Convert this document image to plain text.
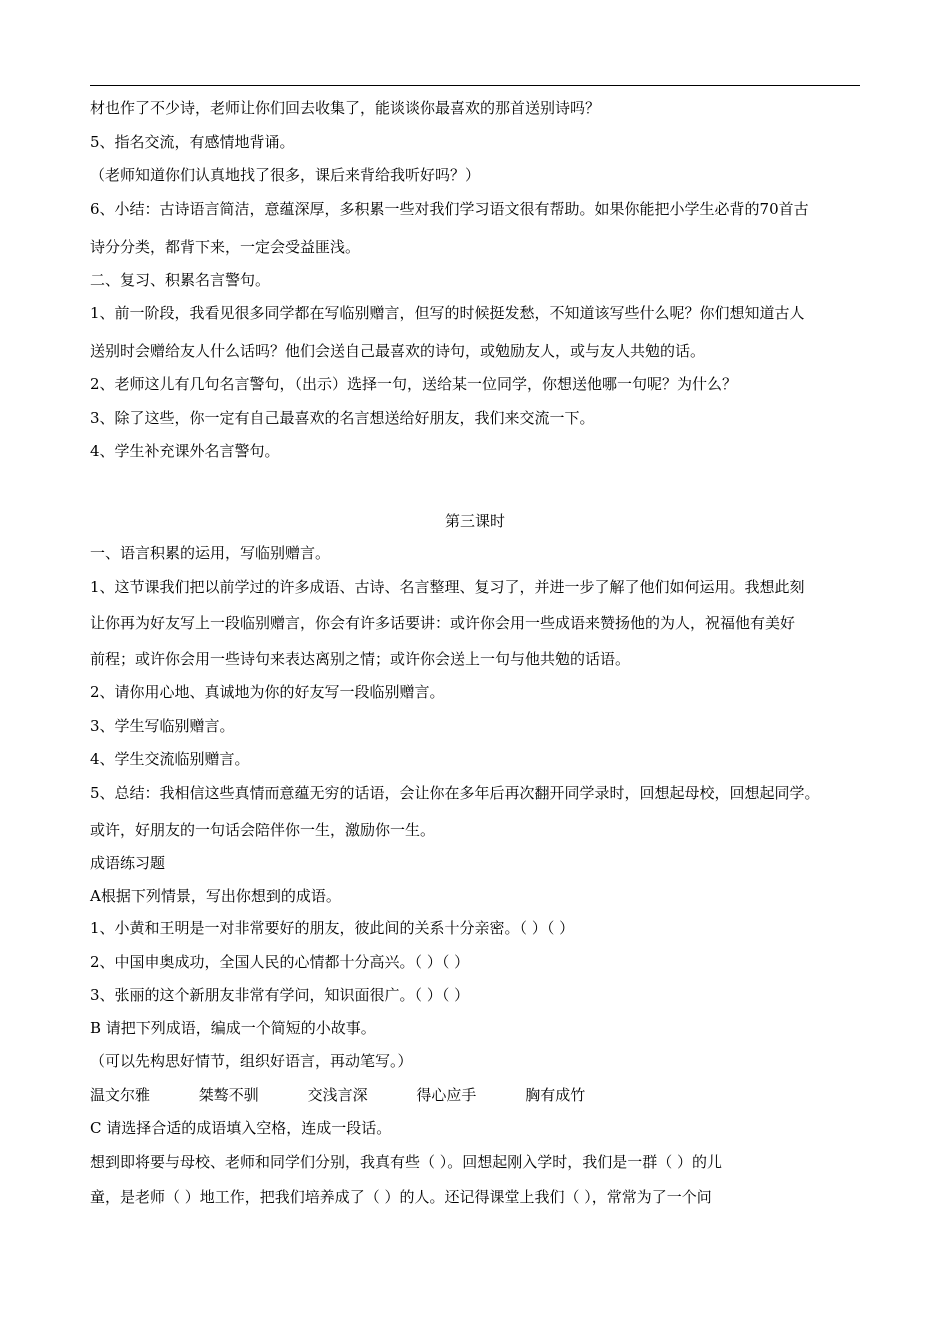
材也作了不少诗，老师让你们回去收集了，能谈谈你最喜欢的那首送别诗吗？
5、指名交流，有感情地背诵。
（老师知道你们认真地找了很多，课后来背给我听好吗？）
6、小结：古诗语言简洁，意蕴深厚，多积累一些对我们学习语文很有帮助。如果你能把小学生必背的70首古
诗分分类，都背下来，一定会受益匪浅。
二、复习、积累名言警句。
1、前一阶段，我看见很多同学都在写临别赠言，但写的时候挺发愁，不知道该写些什么呢？你们想知道古人
送别时会赠给友人什么话吗？他们会送自己最喜欢的诗句，或勉励友人，或与友人共勉的话。
2、老师这儿有几句名言警句，（出示）选择一句，送给某一位同学，你想送他哪一句呢？为什么？
3、除了这些，你一定有自己最喜欢的名言想送给好朋友，我们来交流一下。
4、学生补充课外名言警句。
第三课时
一、语言积累的运用，写临别赠言。
1、这节课我们把以前学过的许多成语、古诗、名言整理、复习了，并进一步了解了他们如何运用。我想此刻
让你再为好友写上一段临别赠言，你会有许多话要讲：或许你会用一些成语来赞扬他的为人，祝福他有美好
前程；或许你会用一些诗句来表达离别之情；或许你会送上一句与他共勉的话语。
2、请你用心地、真诚地为你的好友写一段临别赠言。
3、学生写临别赠言。
4、学生交流临别赠言。
5、总结：我相信这些真情而意蕴无穷的话语，会让你在多年后再次翻开同学录时，回想起母校，回想起同学。
或许，好朋友的一句话会陪伴你一生，激励你一生。
成语练习题
A根据下列情景，写出你想到的成语。
1、小黄和王明是一对非常要好的朋友，彼此间的关系十分亲密。（ ）（ ）
2、中国申奥成功，全国人民的心情都十分高兴。（ ）（ ）
3、张丽的这个新朋友非常有学问，知识面很广。（ ）（ ）
B 请把下列成语，编成一个简短的小故事。
（可以先构思好情节，组织好语言，再动笔写。）
温文尔雅	桀骜不驯	交浅言深	得心应手	胸有成竹
C 请选择合适的成语填入空格，连成一段话。
想到即将要与母校、老师和同学们分别，我真有些（ ）。回想起刚入学时，我们是一群（ ）的儿
童，是老师（ ）地工作，把我们培养成了（ ）的人。还记得课堂上我们（ ），常常为了一个问
